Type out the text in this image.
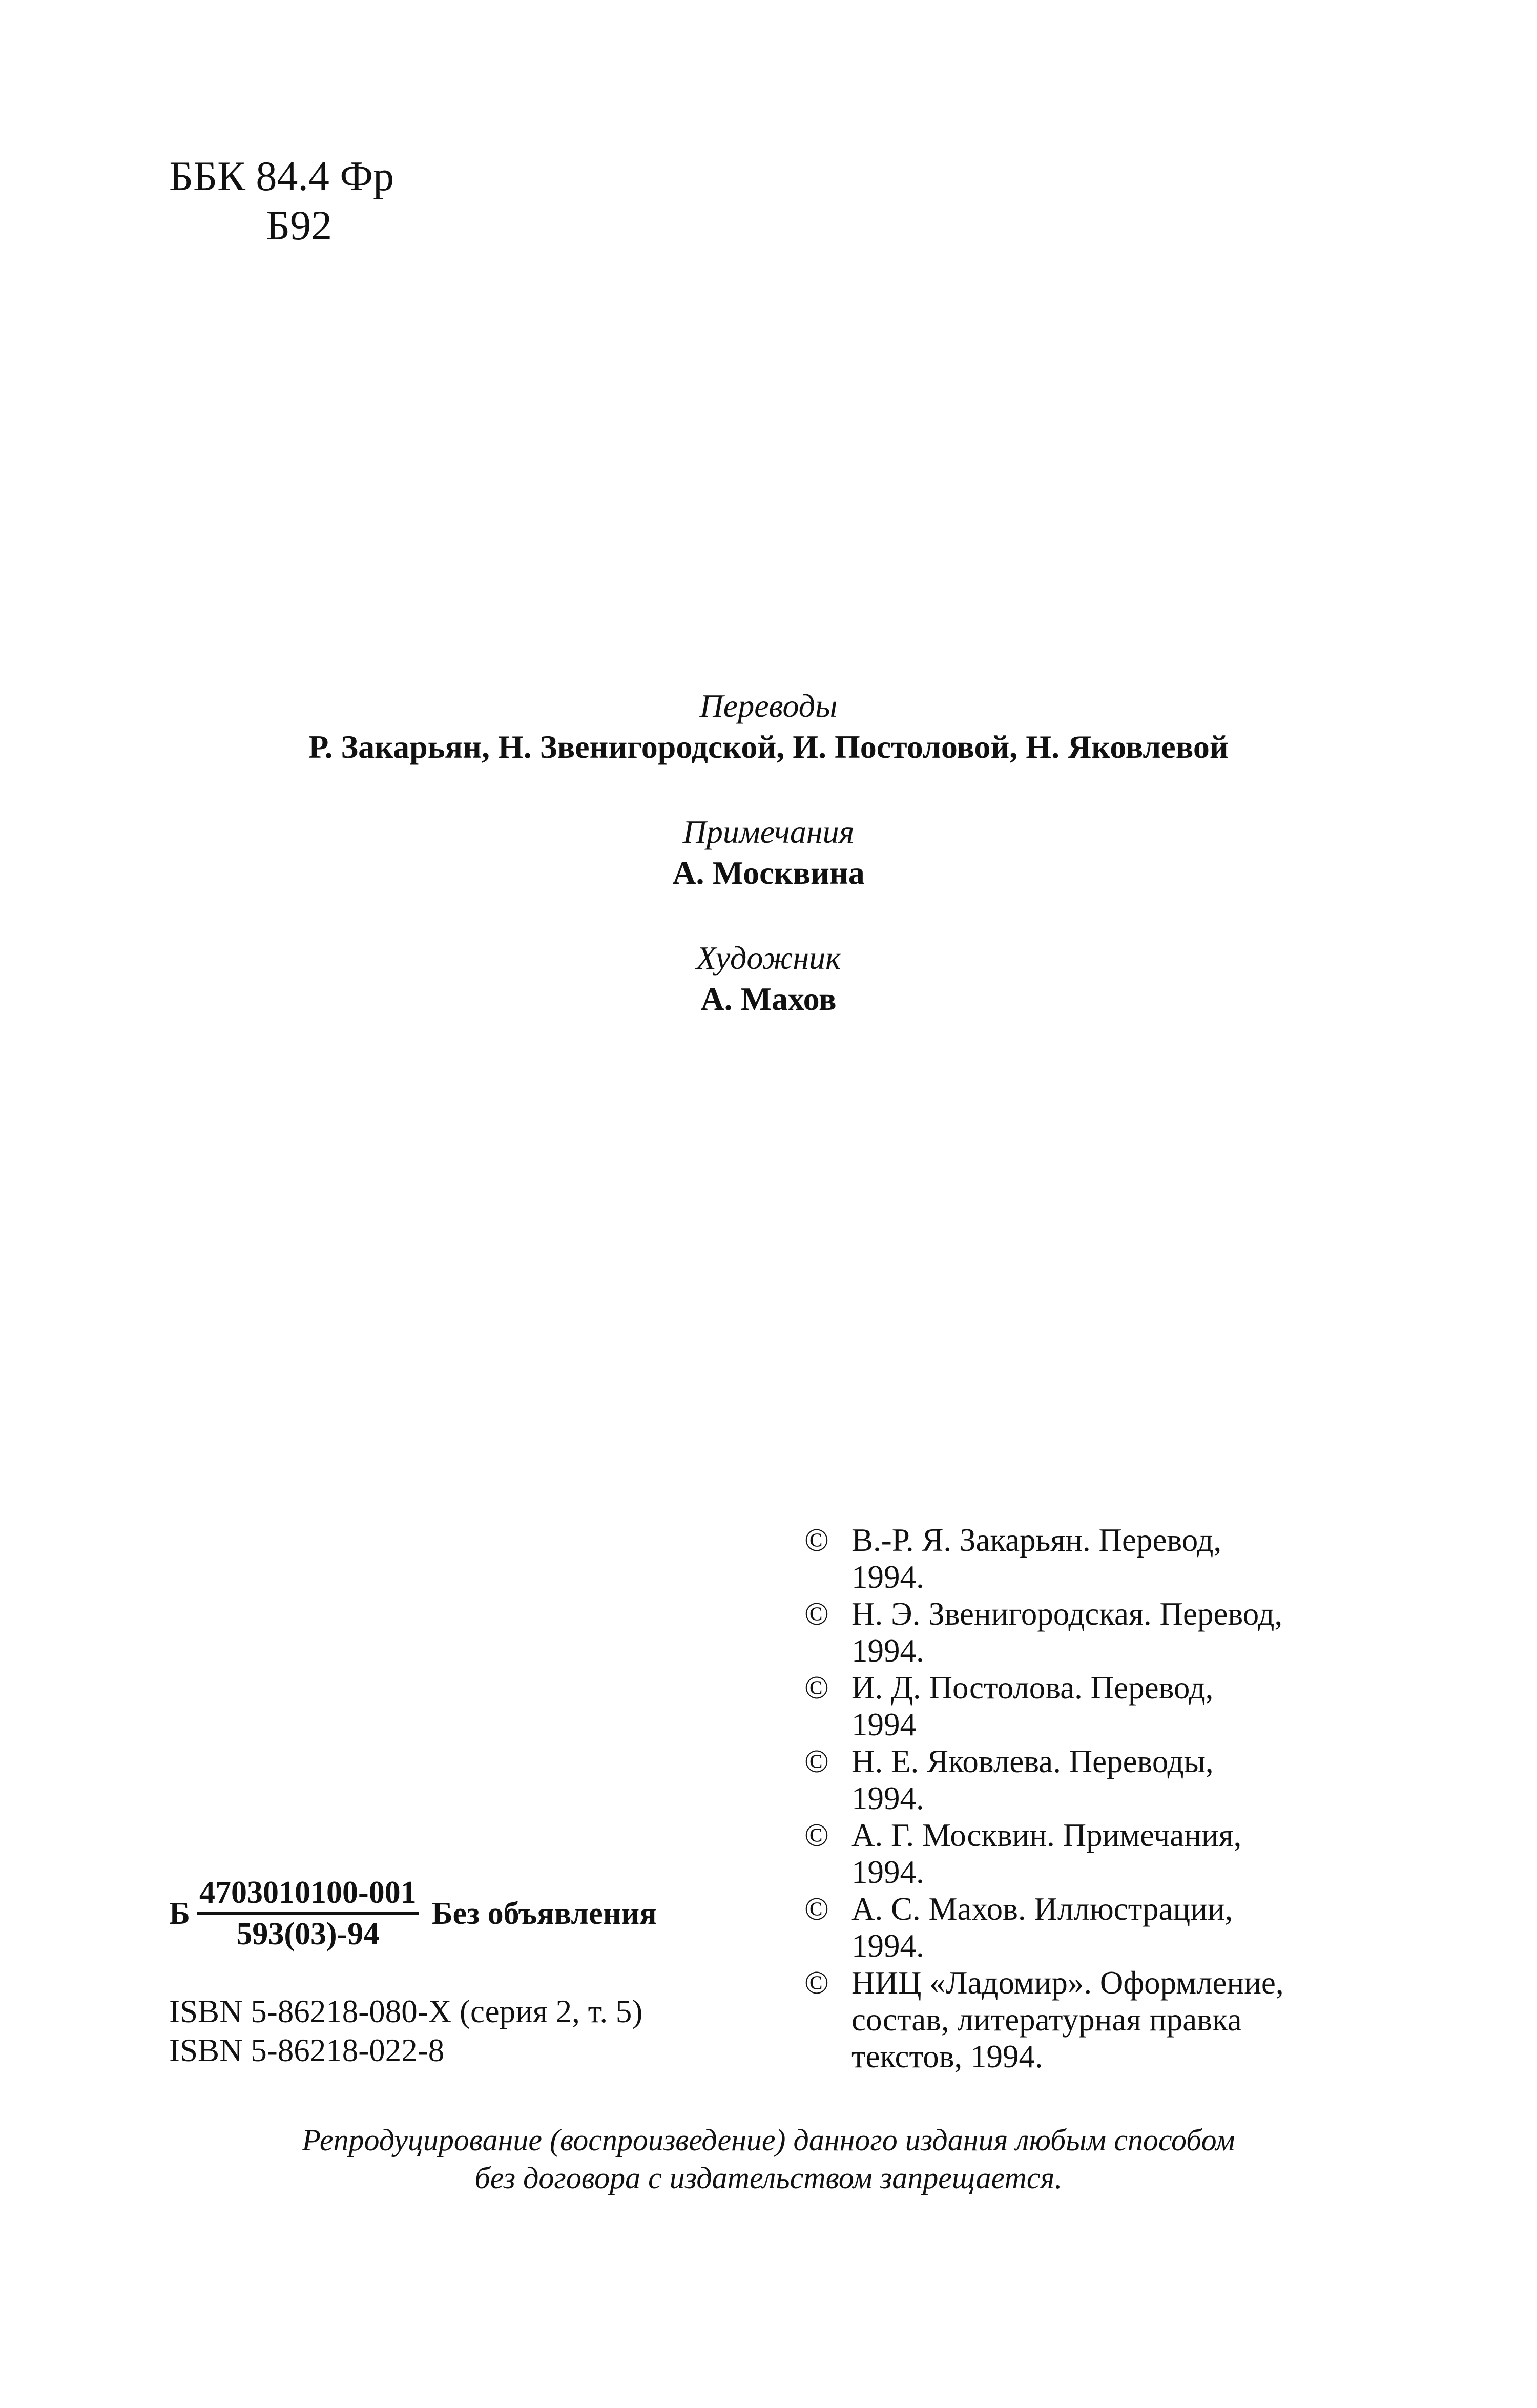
ББК 84.4 Фр
Б92
Переводы
Р. Закарьян, Н. Звенигородской, И. Постоловой, Н. Яковлевой
Примечания
А. Москвина
Художник
А. Махов
© В.-Р. Я. Закарьян. Перевод,
1994.
© Н. Э. Звенигородская. Перевод,
1994.
© И. Д. Постолова. Перевод,
1994
© Н. Е. Яковлева. Переводы,
1994.
© А. Г. Москвин. Примечания,
1994.
© А. С. Махов. Иллюстрации,
1994.
© НИЦ «Ладомир». Оформление,
состав, литературная правка
текстов, 1994.
Б $\frac{4703010100-001}{593(03)-94}$ Без объявления
ISBN 5-86218-080-Х (серия 2, т. 5)
ISBN 5-86218-022-8
Репродуцирование (воспроизведение) данного издания любым способом
без договора с издательством запрещается.
